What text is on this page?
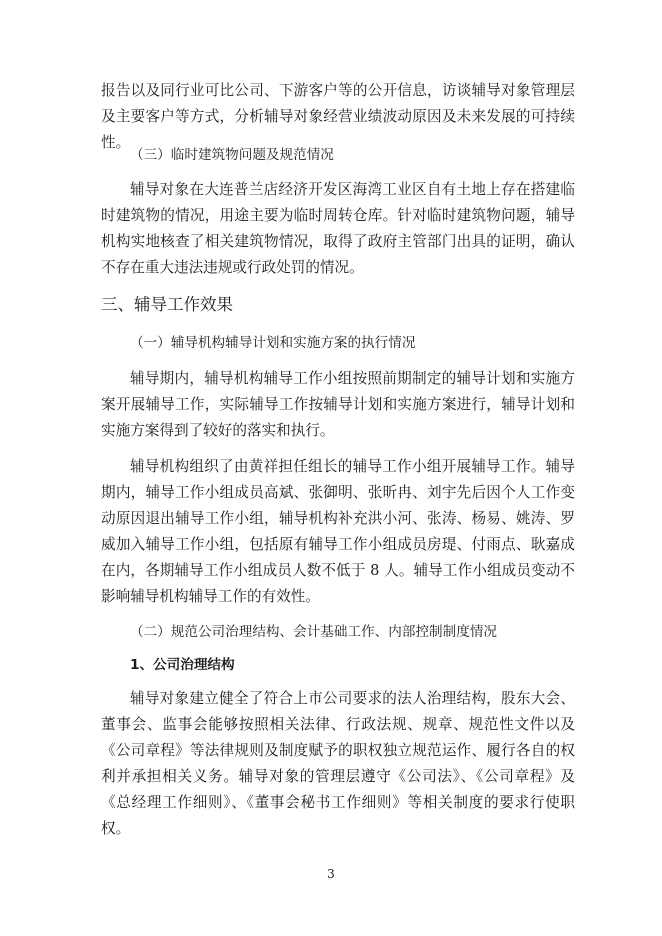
报告以及同行业可比公司、下游客户等的公开信息，访谈辅导对象管理层及主要客户等方式，分析辅导对象经营业绩波动原因及未来发展的可持续性。

（三）临时建筑物问题及规范情况

辅导对象在大连普兰店经济开发区海湾工业区自有土地上存在搭建临时建筑物的情况，用途主要为临时周转仓库。针对临时建筑物问题，辅导机构实地核查了相关建筑物情况，取得了政府主管部门出具的证明，确认不存在重大违法违规或行政处罚的情况。

三、辅导工作效果
（一）辅导机构辅导计划和实施方案的执行情况

辅导期内，辅导机构辅导工作小组按照前期制定的辅导计划和实施方案开展辅导工作，实际辅导工作按辅导计划和实施方案进行，辅导计划和实施方案得到了较好的落实和执行。

辅导机构组织了由黄祥担任组长的辅导工作小组开展辅导工作。辅导期内，辅导工作小组成员高斌、张御明、张昕冉、刘宇先后因个人工作变动原因退出辅导工作小组，辅导机构补充洪小河、张涛、杨易、姚涛、罗威加入辅导工作小组，包括原有辅导工作小组成员房瑅、付雨点、耿嘉成在内，各期辅导工作小组成员人数不低于 8 人。辅导工作小组成员变动不影响辅导机构辅导工作的有效性。

（二）规范公司治理结构、会计基础工作、内部控制制度情况
1、公司治理结构

辅导对象建立健全了符合上市公司要求的法人治理结构，股东大会、董事会、监事会能够按照相关法律、行政法规、规章、规范性文件以及《公司章程》等法律规则及制度赋予的职权独立规范运作、履行各自的权利并承担相关义务。辅导对象的管理层遵守《公司法》、《公司章程》及《总经理工作细则》、《董事会秘书工作细则》等相关制度的要求行使职权。

3
